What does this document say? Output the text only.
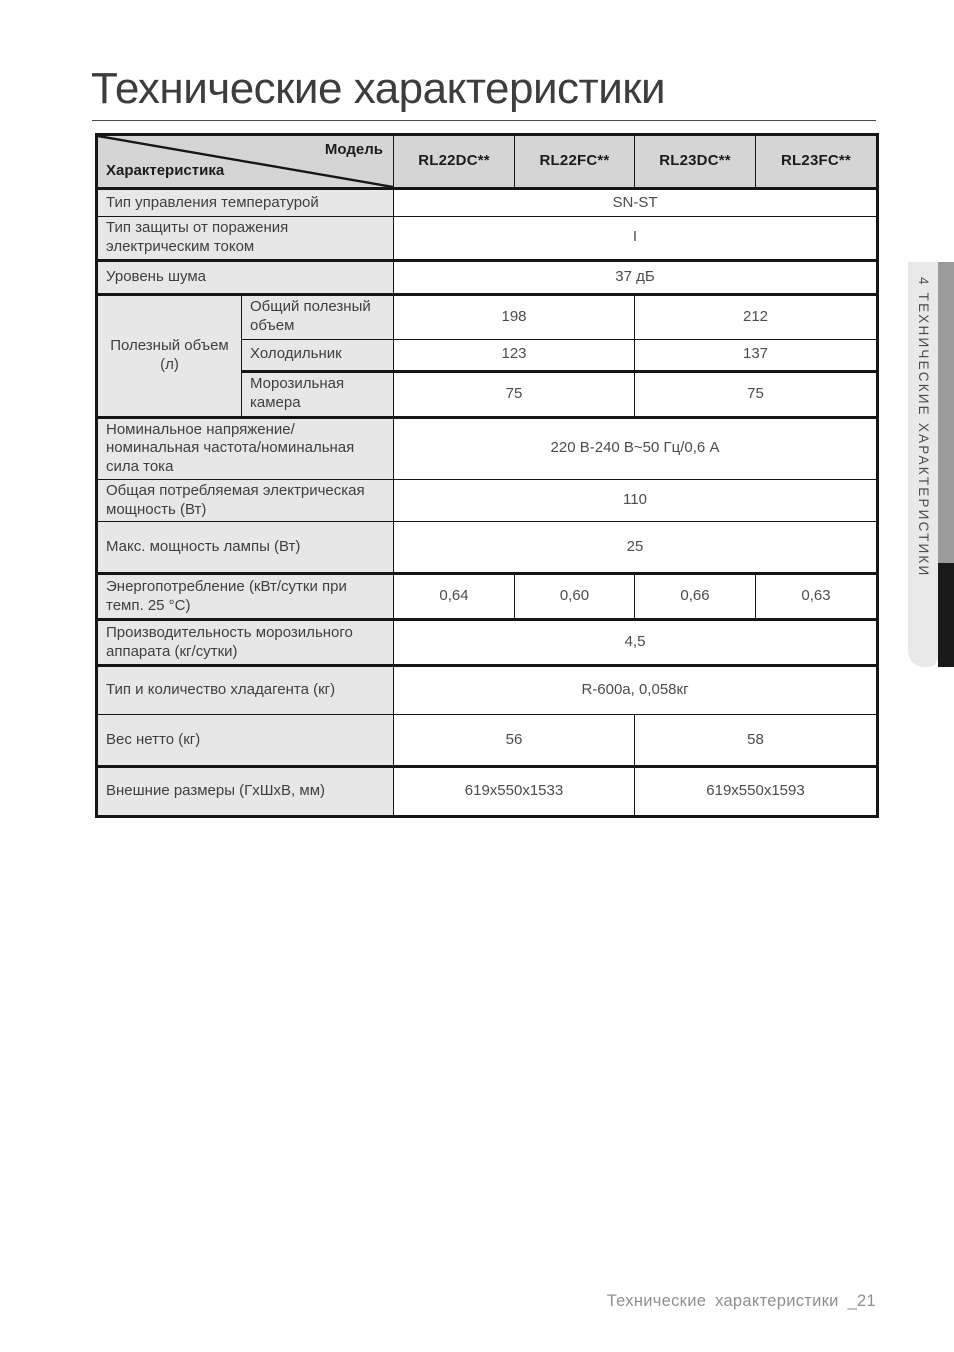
Технические характеристики
Модель
Характеристика		RL22DC**	RL22FC**	RL23DC**	RL23FC**
Тип управления температурой		SN-ST			
Тип защиты от поражения электрическим током		I			
Уровень шума		37 дБ			
Полезный объем (л)	Общий полезный объем	198		212	
	Холодильник	123		137	
	Морозильная камера	75		75	
Номинальное напряжение/ номинальная частота/номинальная сила тока		220 В-240 В~50 Гц/0,6 А			
Общая потребляемая электрическая мощность (Вт)		110			
Макс. мощность лампы (Вт)		25			
Энергопотребление (кВт/сутки при темп. 25 °C)		0,64	0,60	0,66	0,63
Производительность морозильного аппарата (кг/сутки)		4,5			
Тип и количество хладагента (кг)		R-600a, 0,058кг			
Вес нетто (кг)		56		58	
Внешние размеры (ГхШхВ, мм)		619x550x1533		619x550x1593	
4 ТЕХНИЧЕСКИЕ ХАРАКТЕРИСТИКИ
Технические характеристики _21
